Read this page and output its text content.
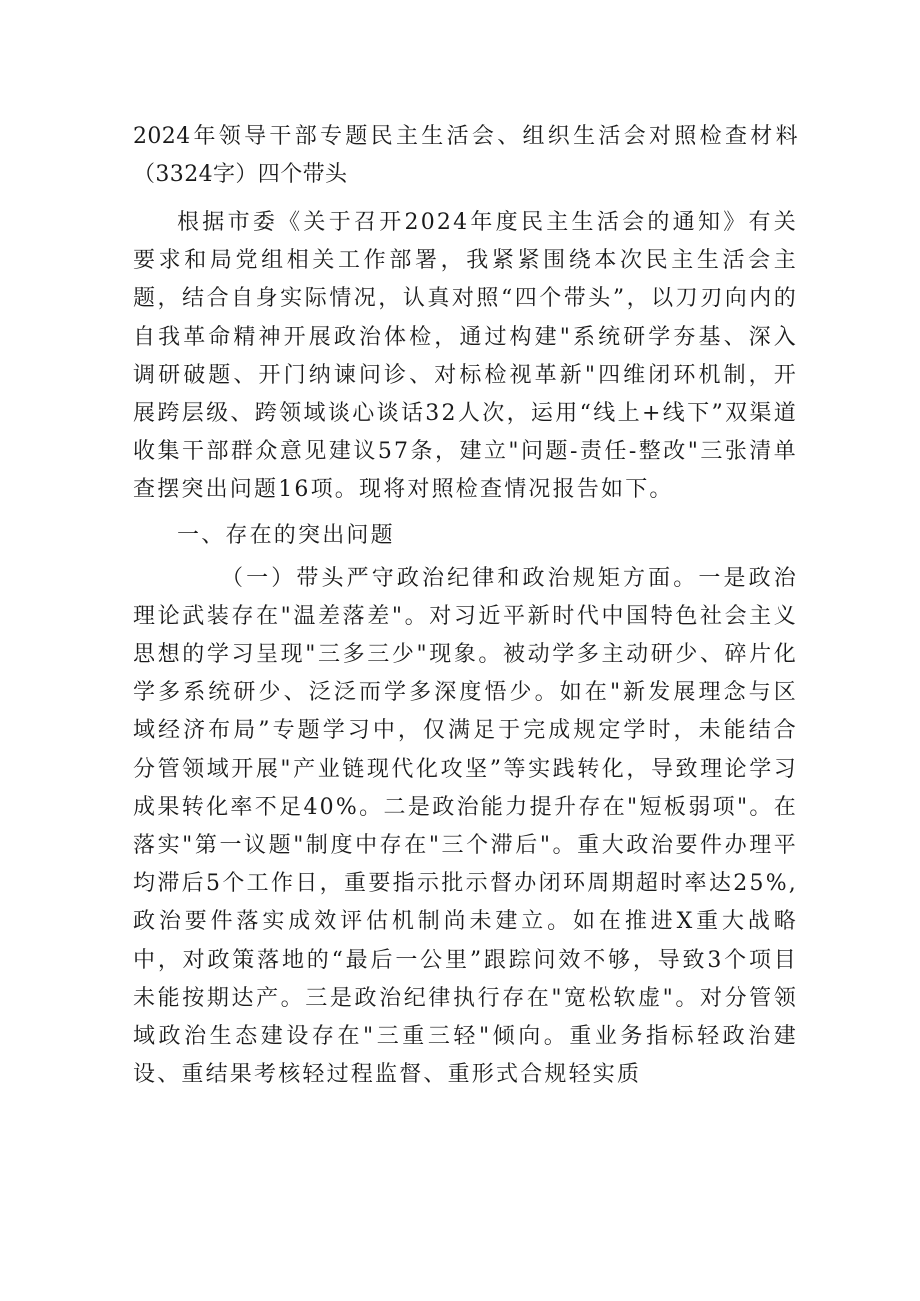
2024年领导干部专题民主生活会、组织生活会对照检查材料（3324字）四个带头

根据市委《关于召开2024年度民主生活会的通知》有关要求和局党组相关工作部署，我紧紧围绕本次民主生活会主题，结合自身实际情况，认真对照“四个带头”，以刀刃向内的自我革命精神开展政治体检，通过构建"系统研学夯基、深入调研破题、开门纳谏问诊、对标检视革新"四维闭环机制，开展跨层级、跨领域谈心谈话32人次，运用“线上+线下”双渠道收集干部群众意见建议57条，建立"问题-责任-整改"三张清单查摆突出问题16项。现将对照检查情况报告如下。

一、存在的突出问题

（一）带头严守政治纪律和政治规矩方面。一是政治理论武装存在"温差落差"。对习近平新时代中国特色社会主义思想的学习呈现"三多三少"现象。被动学多主动研少、碎片化学多系统研少、泛泛而学多深度悟少。如在"新发展理念与区域经济布局”专题学习中，仅满足于完成规定学时，未能结合分管领域开展"产业链现代化攻坚”等实践转化，导致理论学习成果转化率不足40%。二是政治能力提升存在"短板弱项"。在落实"第一议题"制度中存在"三个滞后"。重大政治要件办理平均滞后5个工作日，重要指示批示督办闭环周期超时率达25%,政治要件落实成效评估机制尚未建立。如在推进X重大战略中，对政策落地的“最后一公里”跟踪问效不够，导致3个项目未能按期达产。三是政治纪律执行存在"宽松软虚"。对分管领域政治生态建设存在"三重三轻"倾向。重业务指标轻政治建设、重结果考核轻过程监督、重形式合规轻实质
